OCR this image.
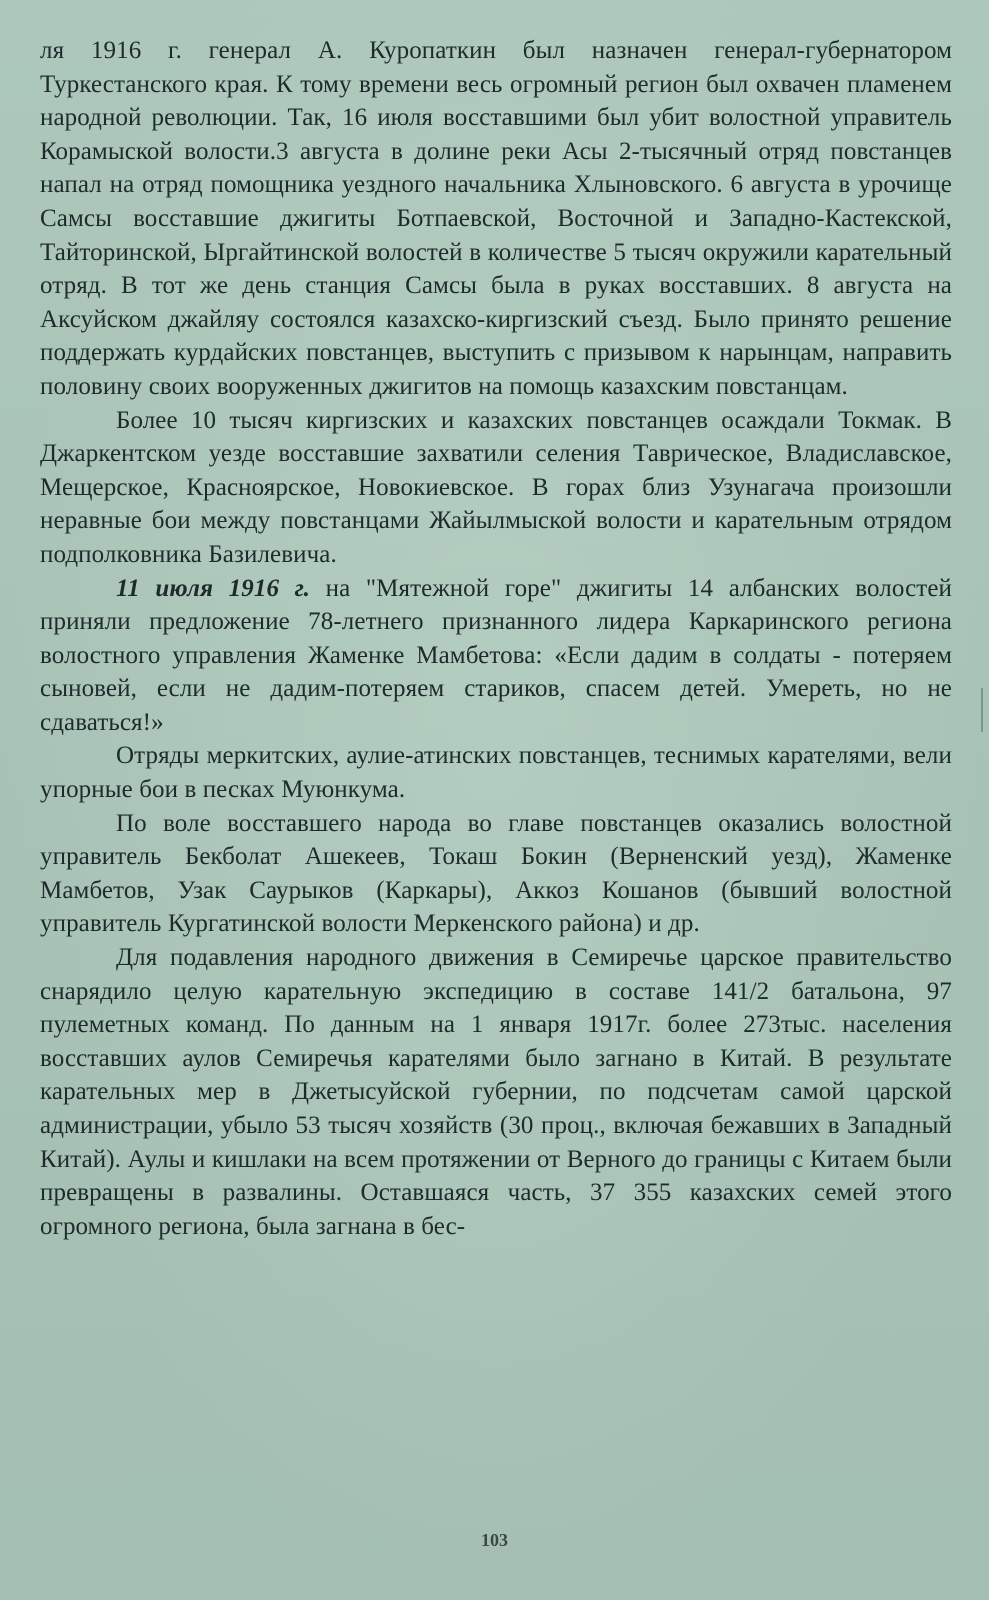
ля 1916 г. генерал А. Куропаткин был назначен генерал-губернатором Туркестанского края. К тому времени весь огромный регион был охвачен пламенем народной революции. Так, 16 июля восставшими был убит волостной управитель Корамыской волости.3 августа в долине реки Асы 2-тысячный отряд повстанцев напал на отряд помощника уездного начальника Хлыновского. 6 августа в урочище Самсы восставшие джигиты Ботпаевской, Восточной и Западно-Кастекской, Тайторинской, Ыргайтинской волостей в количестве 5 тысяч окружили карательный отряд. В тот же день станция Самсы была в руках восставших. 8 августа на Аксуйском джайляу состоялся казахско-киргизский съезд. Было принято решение поддержать курдайских повстанцев, выступить с призывом к нарынцам, направить половину своих вооруженных джигитов на помощь казахским повстанцам.

Более 10 тысяч киргизских и казахских повстанцев осаждали Токмак. В Джаркентском уезде восставшие захватили селения Тавричеcкое, Владиславское, Мещерское, Красноярское, Новокиевское. В горах близ Узунагача произошли неравные бои между повстанцами Жайылмыской волости и карательным отрядом подполковника Базилевича.

11 июля 1916 г. на "Мятежной горе" джигиты 14 албанских волостей приняли предложение 78-летнего признанного лидера Каркаринского региона волостного управления Жаменке Мамбетова: «Если дадим в солдаты - потеряем сыновей, если не дадим-потеряем стариков, спасем детей. Умереть, но не сдаваться!»

Отряды меркитских, аулие-атинских повстанцев, теснимых карателями, вели упорные бои в песках Муюнкума.

По воле восставшего народа во главе повстанцев оказались волостной управитель Бекболат Ашекеев, Токаш Бокин (Верненский уезд), Жаменке Мамбетов, Узак Саурыков (Каркары), Аккоз Кошанов (бывший волостной управитель Кургатинской волости Меркенского района) и др.

Для подавления народного движения в Семиречье царское правительство снарядило целую карательную экспедицию в составе 141/2 батальона, 97 пулеметных команд. По данным на 1 января 1917г. более 273тыс. населения восставших аулов Семиречья карателями было загнано в Китай. В результате карательных мер в Джетысуйской губернии, по подсчетам самой царской администрации, убыло 53 тысяч хозяйств (30 проц., включая бежавших в Западный Китай). Аулы и кишлаки на всем протяжении от Верного до границы с Китаем были превращены в развалины. Оставшаяся часть, 37 355 казахских семей этого огромного региона, была загнана в бес-

103
